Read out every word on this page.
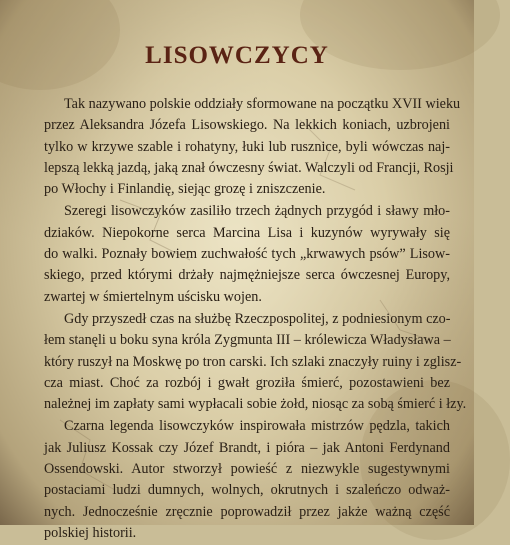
LISOWCZYCY
Tak nazywano polskie oddziały sformowane na początku XVII wieku
przez Aleksandra Józefa Lisowskiego. Na lekkich koniach, uzbrojeni
tylko w krzywe szable i rohatyny, łuki lub rusznice, byli wówczas naj-
lepszą lekką jazdą, jaką znał ówczesny świat. Walczyli od Francji, Rosji
po Włochy i Finlandię, siejąc grozę i zniszczenie.
Szeregi lisowczyków zasiliło trzech żądnych przygód i sławy mło-
dziaków. Niepokorne serca Marcina Lisa i kuzynów wyrywały się
do walki. Poznały bowiem zuchwałość tych „krwawych psów” Lisow-
skiego, przed którymi drżały najmężniejsze serca ówczesnej Europy,
zwartej w śmiertelnym uścisku wojen.
Gdy przyszedł czas na służbę Rzeczpospolitej, z podniesionym czo-
łem stanęli u boku syna króla Zygmunta III – królewicza Władysława –
który ruszył na Moskwę po tron carski. Ich szlaki znaczyły ruiny i zglisz-
cza miast. Choć za rozbój i gwałt groziła śmierć, pozostawieni bez
należnej im zapłaty sami wypłacali sobie żołd, niosąc za sobą śmierć i łzy.
Czarna legenda lisowczyków inspirowała mistrzów pędzla, takich
jak Juliusz Kossak czy Józef Brandt, i pióra – jak Antoni Ferdynand
Ossendowski. Autor stworzył powieść z niezwykle sugestywnymi
postaciami ludzi dumnych, wolnych, okrutnych i szaleńczo odważ-
nych. Jednocześnie zręcznie poprowadził przez jakże ważną część
polskiej historii.
